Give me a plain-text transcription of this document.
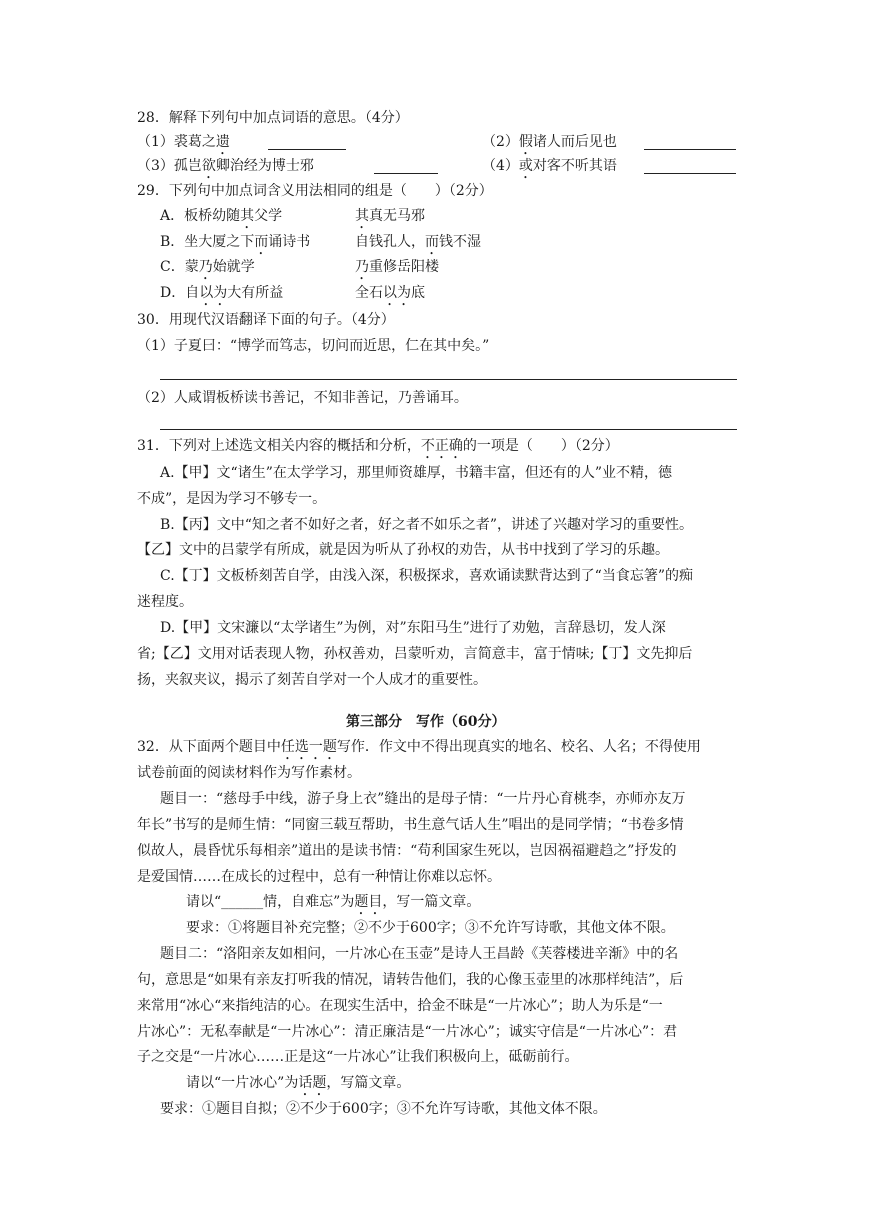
28．解释下列句中加点词语的意思。（4分）
（1）裘葛之遗	（2）假诸人而后见也
（3）孤岂欲卿治经为博士邪	（4）或对客不听其语
29．下列句中加点词含义用法相同的组是（　　）（2分）
A．板桥幼随其父学	其真无马邪
B．坐大厦之下而诵诗书	自钱孔人，而钱不湿
C．蒙乃始就学	乃重修岳阳楼
D．自以为大有所益	全石以为底
30．用现代汉语翻译下面的句子。（4分）
（1）子夏曰：“博学而笃志，切问而近思，仁在其中矣。”
（2）人咸谓板桥读书善记，不知非善记，乃善诵耳。
31．下列对上述选文相关内容的概括和分析，不正确的一项是（　　）（2分）
A.【甲】文“诸生”在太学学习，那里师资雄厚，书籍丰富，但还有的人”业不精，德
不成”，是因为学习不够专一。
B.【丙】文中“知之者不如好之者，好之者不如乐之者”，讲述了兴趣对学习的重要性。
【乙】文中的吕蒙学有所成，就是因为听从了孙权的劝告，从书中找到了学习的乐趣。
C.【丁】文板桥刻苦自学，由浅入深，积极探求，喜欢诵读默背达到了“当食忘箸”的痴
迷程度。
D.【甲】文宋濂以“太学诸生”为例，对”东阳马生”进行了劝勉，言辞恳切，发人深
省;【乙】文用对话表现人物，孙权善劝，吕蒙听劝，言简意丰，富于情味;【丁】文先抑后
扬，夹叙夹议，揭示了刻苦自学对一个人成才的重要性。
第三部分　写作（60分）
32．从下面两个题目中任选一题写作．作文中不得出现真实的地名、校名、人名；不得使用
试卷前面的阅读材料作为写作素材。
题目一：“慈母手中线，游子身上衣”缝出的是母子情：“一片丹心育桃李，亦师亦友万
年长”书写的是师生情：“同窗三载互帮助，书生意气话人生”唱出的是同学情；“书卷多情
似故人，晨昏忧乐每相亲”道出的是读书情：“苟利国家生死以，岂因祸福避趋之”抒发的
是爱国情……在成长的过程中，总有一种情让你难以忘怀。
请以“______情，自难忘”为题目，写一篇文章。
要求：①将题目补充完整；②不少于600字；③不允许写诗歌，其他文体不限。
题目二：“洛阳亲友如相问，一片冰心在玉壶”是诗人王昌龄《芙蓉楼进辛渐》中的名
句，意思是“如果有亲友打听我的情况，请转告他们，我的心像玉壶里的冰那样纯洁”，后
来常用“冰心“来指纯洁的心。在现实生活中，拾金不昧是“一片冰心”；助人为乐是“一
片冰心”：无私奉献是“一片冰心”：清正廉洁是“一片冰心”；诚实守信是“一片冰心”：君
子之交是“一片冰心……正是这“一片冰心”让我们积极向上，砥砺前行。
请以“一片冰心”为话题，写篇文章。
要求：①题目自拟；②不少于600字；③不允许写诗歌，其他文体不限。
